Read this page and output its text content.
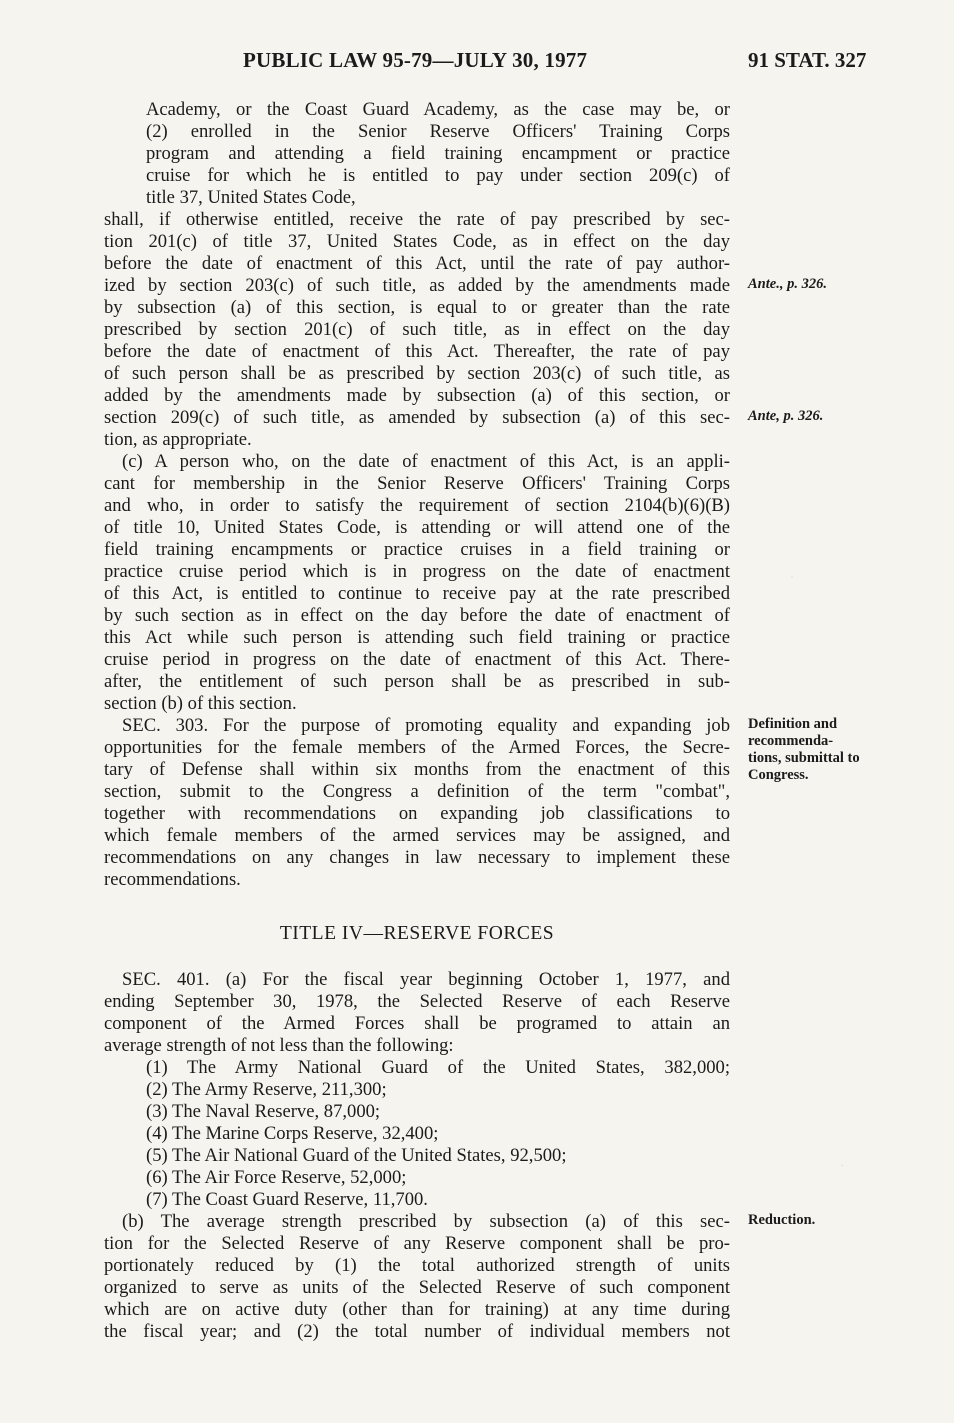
PUBLIC LAW 95-79—JULY 30, 1977	91 STAT. 327
·
·
Academy, or the Coast Guard Academy, as the case may be, or
(2) enrolled in the Senior Reserve Officers' Training Corps
program and attending a field training encampment or practice
cruise for which he is entitled to pay under section 209(c) of
title 37, United States Code,
shall, if otherwise entitled, receive the rate of pay prescribed by sec-
tion 201(c) of title 37, United States Code, as in effect on the day
before the date of enactment of this Act, until the rate of pay author-
ized by section 203(c) of such title, as added by the amendments made
by subsection (a) of this section, is equal to or greater than the rate
prescribed by section 201(c) of such title, as in effect on the day
before the date of enactment of this Act. Thereafter, the rate of pay
of such person shall be as prescribed by section 203(c) of such title, as
added by the amendments made by subsection (a) of this section, or
section 209(c) of such title, as amended by subsection (a) of this sec-
tion, as appropriate.
(c) A person who, on the date of enactment of this Act, is an appli-
cant for membership in the Senior Reserve Officers' Training Corps
and who, in order to satisfy the requirement of section 2104(b)(6)(B)
of title 10, United States Code, is attending or will attend one of the
field training encampments or practice cruises in a field training or
practice cruise period which is in progress on the date of enactment
of this Act, is entitled to continue to receive pay at the rate prescribed
by such section as in effect on the day before the date of enactment of
this Act while such person is attending such field training or practice
cruise period in progress on the date of enactment of this Act. There-
after, the entitlement of such person shall be as prescribed in sub-
section (b) of this section.
SEC. 303. For the purpose of promoting equality and expanding job
opportunities for the female members of the Armed Forces, the Secre-
tary of Defense shall within six months from the enactment of this
section, submit to the Congress a definition of the term "combat",
together with recommendations on expanding job classifications to
which female members of the armed services may be assigned, and
recommendations on any changes in law necessary to implement these
recommendations.
TITLE IV—RESERVE FORCES
SEC. 401. (a) For the fiscal year beginning October 1, 1977, and
ending September 30, 1978, the Selected Reserve of each Reserve
component of the Armed Forces shall be programed to attain an
average strength of not less than the following:
(1) The Army National Guard of the United States, 382,000;
(2) The Army Reserve, 211,300;
(3) The Naval Reserve, 87,000;
(4) The Marine Corps Reserve, 32,400;
(5) The Air National Guard of the United States, 92,500;
(6) The Air Force Reserve, 52,000;
(7) The Coast Guard Reserve, 11,700.
(b) The average strength prescribed by subsection (a) of this sec-
tion for the Selected Reserve of any Reserve component shall be pro-
portionately reduced by (1) the total authorized strength of units
organized to serve as units of the Selected Reserve of such component
which are on active duty (other than for training) at any time during
the fiscal year; and (2) the total number of individual members not
Ante., p. 326.
Ante, p. 326.
Definition and
recommenda-
tions, submittal to
Congress.
Reduction.
